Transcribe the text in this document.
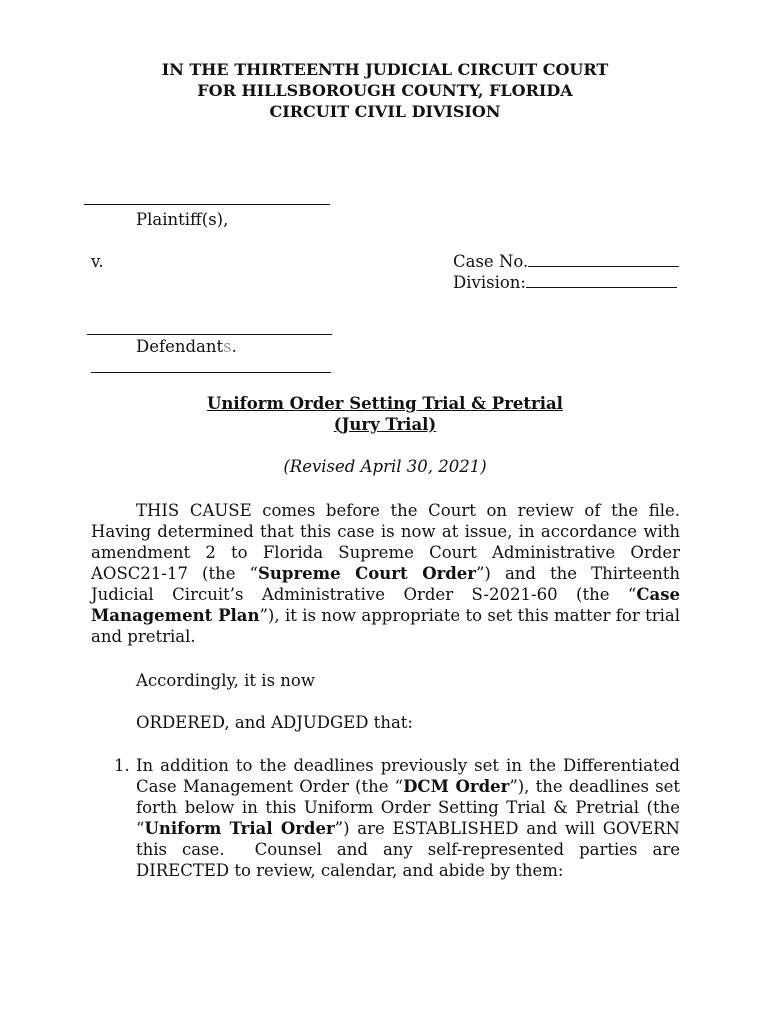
IN THE THIRTEENTH JUDICIAL CIRCUIT COURT
FOR HILLSBOROUGH COUNTY, FLORIDA
CIRCUIT CIVIL DIVISION
Plaintiff(s),
v.	Case No.
Division:
Defendants.
Uniform Order Setting Trial & Pretrial
(Jury Trial)
(Revised April 30, 2021)
THIS CAUSE comes before the Court on review of the file.
Having determined that this case is now at issue, in accordance with
amendment 2 to Florida Supreme Court Administrative Order
AOSC21-17 (the “Supreme Court Order”) and the Thirteenth
Judicial Circuit’s Administrative Order S-2021-60 (the “Case
Management Plan”), it is now appropriate to set this matter for trial
and pretrial.
Accordingly, it is now
ORDERED, and ADJUDGED that:
1. In addition to the deadlines previously set in the Differentiated
Case Management Order (the “DCM Order”), the deadlines set
forth below in this Uniform Order Setting Trial & Pretrial (the
“Uniform Trial Order”) are ESTABLISHED and will GOVERN
this case.  Counsel and any self-represented parties are
DIRECTED to review, calendar, and abide by them:
